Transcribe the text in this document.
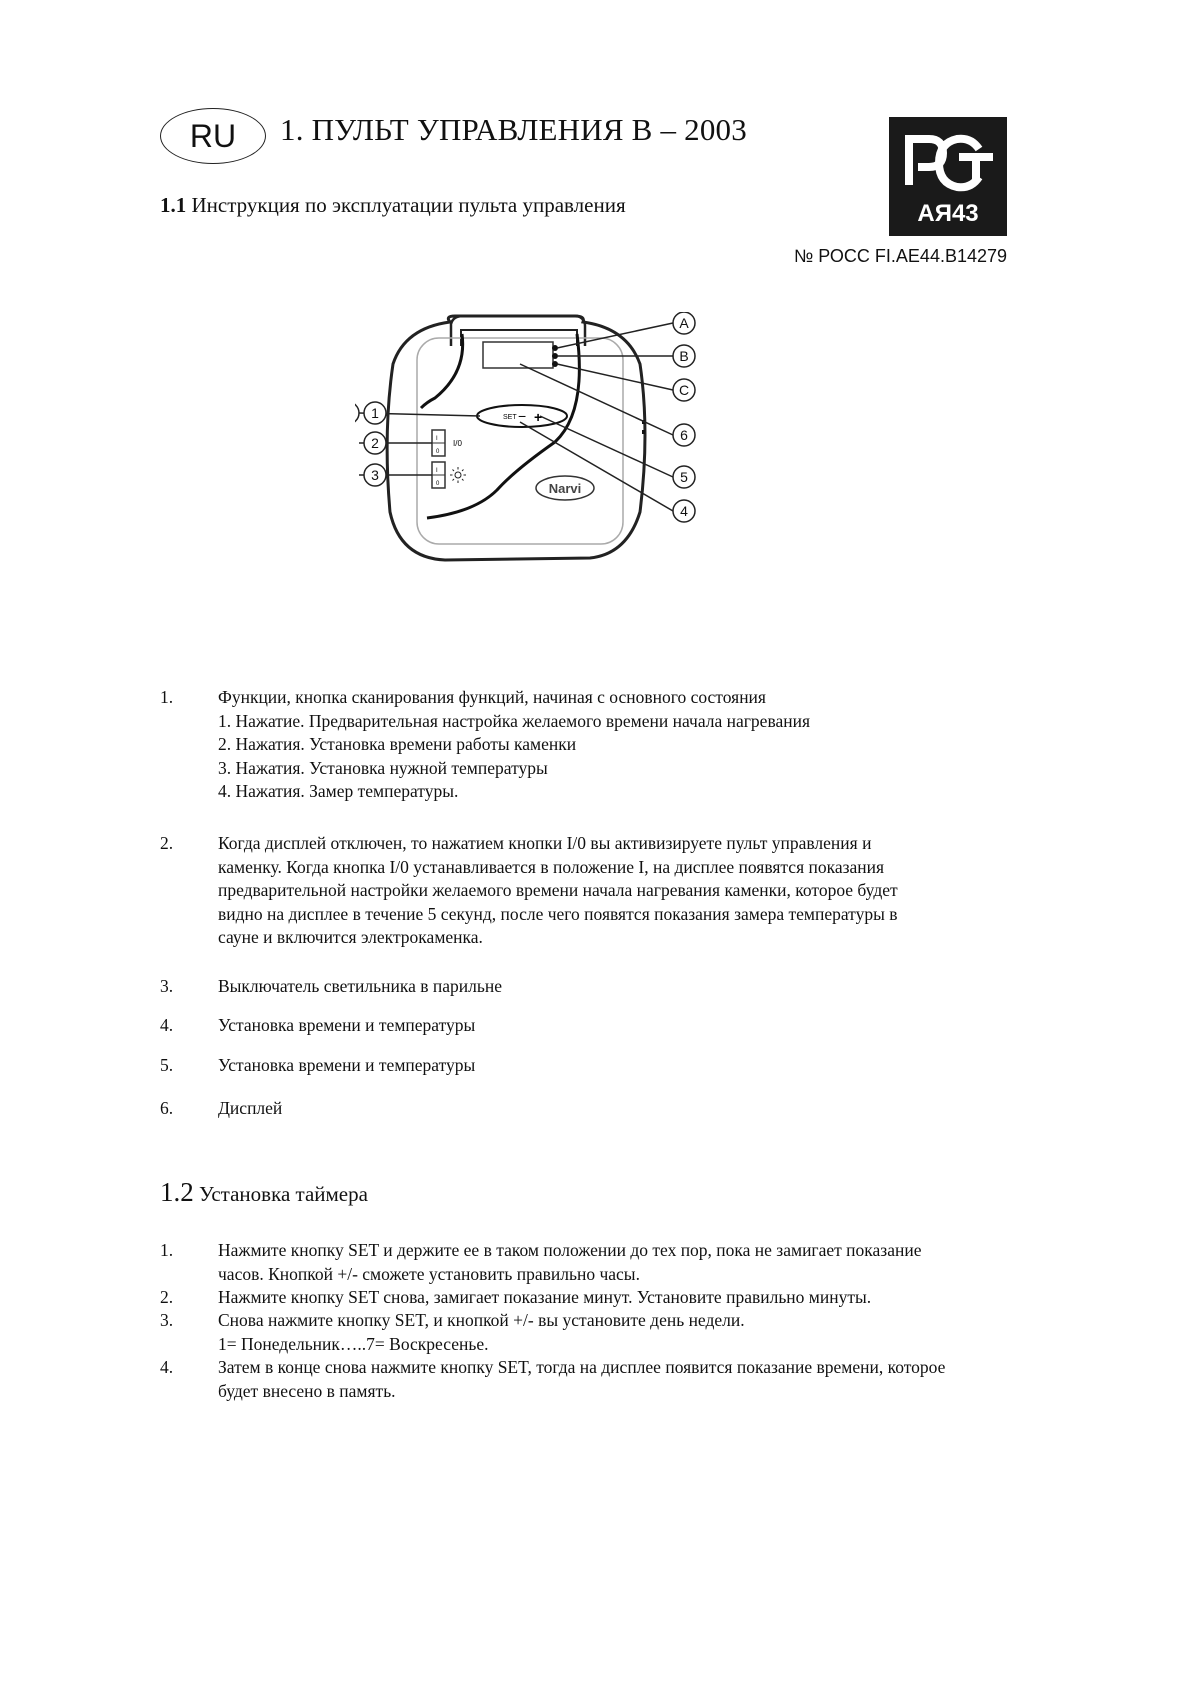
RU	1. ПУЛЬТ УПРАВЛЕНИЯ В – 2003
1.1 Инструкция по эксплуатации пульта управления	АЯ43
№ РОСС FI.AE44.B14279
SET − +
I
0
I/0
I
0	Narvi
A
B
C
6
5
4
1
2
3
1.	Функции, кнопка сканирования функций, начиная с основного состояния
1. Нажатие. Предварительная настройка желаемого времени начала нагревания
2. Нажатия. Установка времени работы каменки
3. Нажатия. Установка нужной температуры
4. Нажатия. Замер температуры.
2.	Когда дисплей отключен, то нажатием кнопки I/0 вы активизируете пульт управления и
каменку. Когда кнопка I/0 устанавливается в положение I, на дисплее появятся показания
предварительной настройки желаемого времени начала нагревания каменки, которое будет
видно на дисплее в течение 5 секунд, после чего появятся показания замера температуры в
сауне и включится электрокаменка.
3.	Выключатель светильника в парильне
4.	Установка времени и температуры
5.	Установка времени и температуры
6.	Дисплей
1.2 Установка таймера
1.	Нажмите кнопку SET и держите ее в таком положении до тех пор, пока не замигает показание
часов. Кнопкой +/- сможете установить правильно часы.
2.	Нажмите кнопку SET снова, замигает показание минут. Установите правильно минуты.
3.	Снова нажмите кнопку SET, и кнопкой +/- вы установите день недели.
1= Понедельник…..7= Воскресенье.
4.	Затем в конце снова нажмите кнопку SET, тогда на дисплее появится показание времени, которое
будет внесено в память.
